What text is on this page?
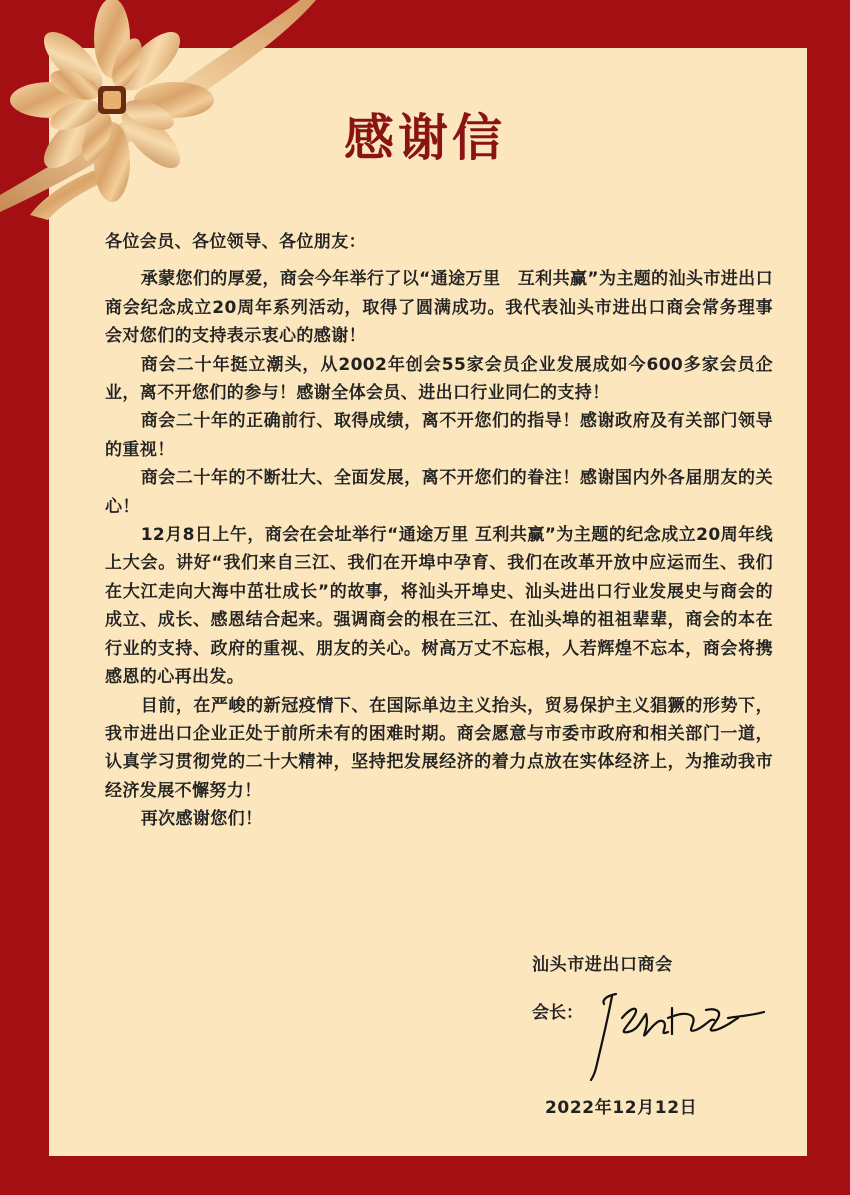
感谢信

各位会员、各位领导、各位朋友：

承蒙您们的厚爱，商会今年举行了以“通途万里　互利共赢”为主题的汕头市进出口商会纪念成立20周年系列活动，取得了圆满成功。我代表汕头市进出口商会常务理事会对您们的支持表示衷心的感谢！

商会二十年挺立潮头，从2002年创会55家会员企业发展成如今600多家会员企业，离不开您们的参与！感谢全体会员、进出口行业同仁的支持！

商会二十年的正确前行、取得成绩，离不开您们的指导！感谢政府及有关部门领导的重视！

商会二十年的不断壮大、全面发展，离不开您们的眷注！感谢国内外各届朋友的关心！

12月8日上午，商会在会址举行“通途万里 互利共赢”为主题的纪念成立20周年线上大会。讲好“我们来自三江、我们在开埠中孕育、我们在改革开放中应运而生、我们在大江走向大海中茁壮成长”的故事，将汕头开埠史、汕头进出口行业发展史与商会的成立、成长、感恩结合起来。强调商会的根在三江、在汕头埠的祖祖辈辈，商会的本在行业的支持、政府的重视、朋友的关心。树高万丈不忘根，人若辉煌不忘本，商会将携感恩的心再出发。

目前，在严峻的新冠疫情下、在国际单边主义抬头，贸易保护主义猖獗的形势下，我市进出口企业正处于前所未有的困难时期。商会愿意与市委市政府和相关部门一道，认真学习贯彻党的二十大精神，坚持把发展经济的着力点放在实体经济上，为推动我市经济发展不懈努力！

再次感谢您们！

汕头市进出口商会
会长：
2022年12月12日
